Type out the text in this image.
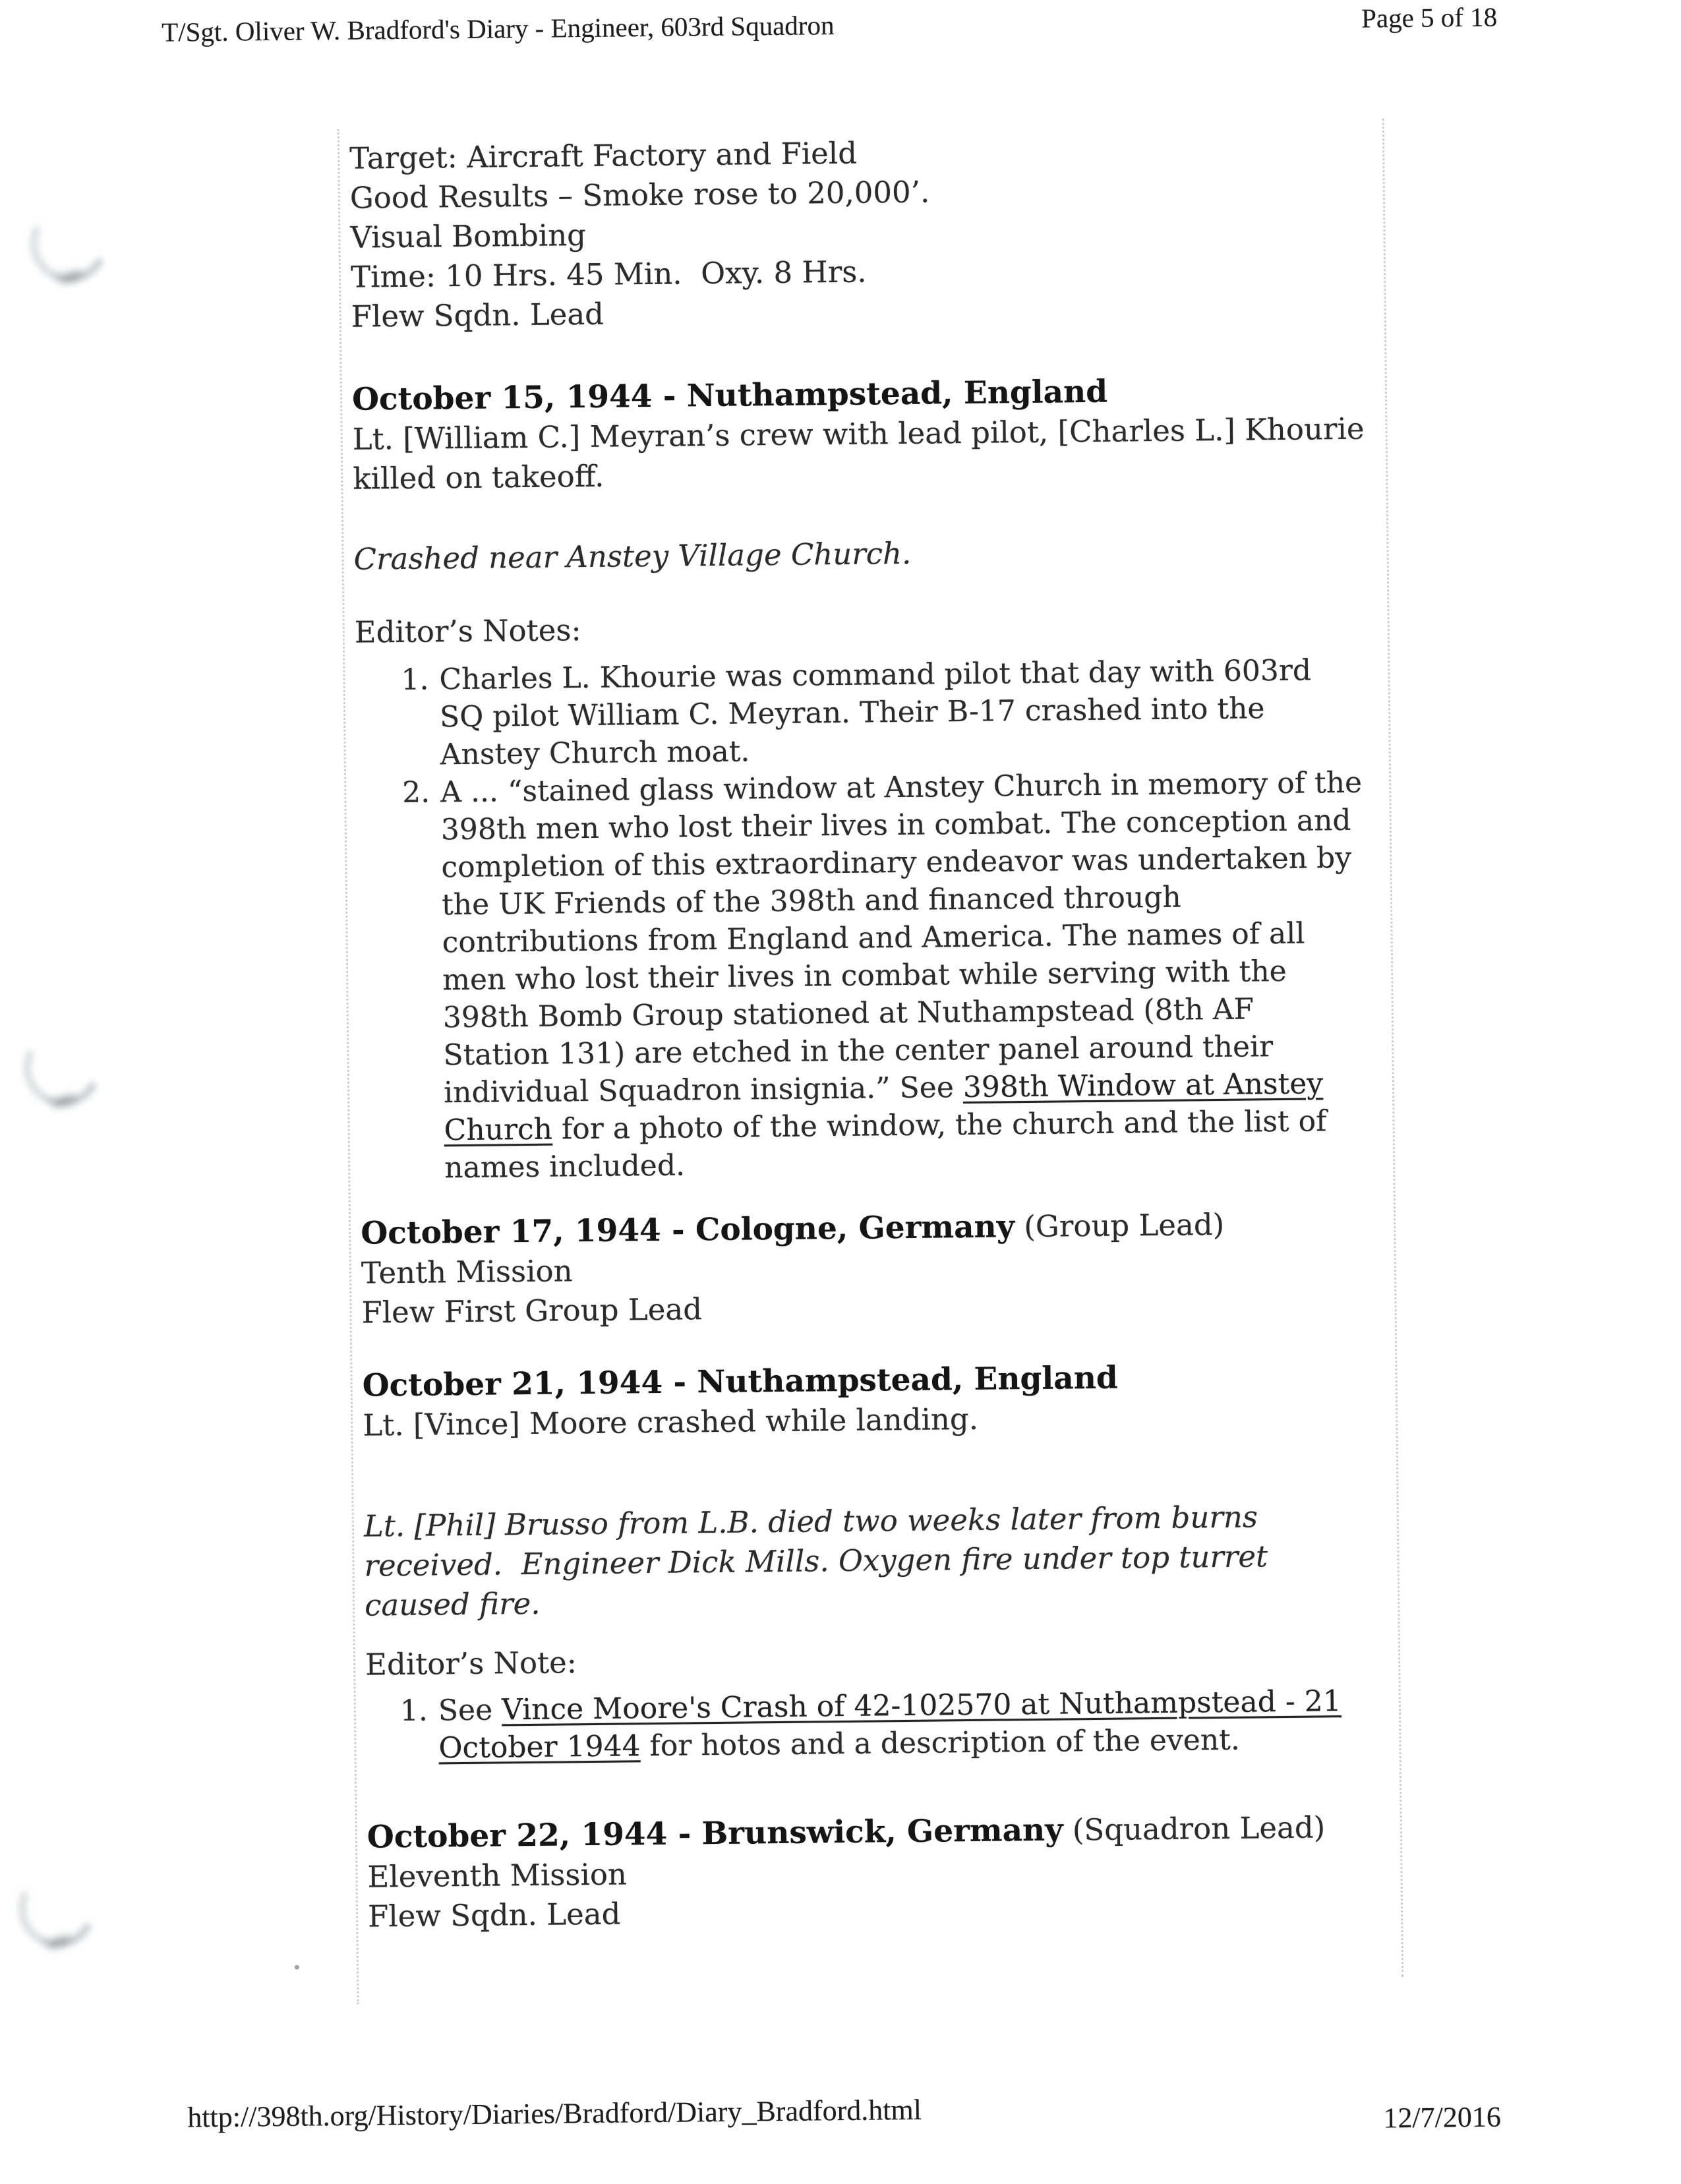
T/Sgt. Oliver W. Bradford's Diary - Engineer, 603rd Squadron	Page 5 of 18
Target: Aircraft Factory and Field
Good Results – Smoke rose to 20,000’.
Visual Bombing
Time: 10 Hrs. 45 Min.  Oxy. 8 Hrs.
Flew Sqdn. Lead
October 15, 1944 - Nuthampstead, England
Lt. [William C.] Meyran’s crew with lead pilot, [Charles L.] Khourie
killed on takeoff.
Crashed near Anstey Village Church.
Editor’s Notes:
1. Charles L. Khourie was command pilot that day with 603rd
SQ pilot William C. Meyran. Their B-17 crashed into the
Anstey Church moat.
2. A ... “stained glass window at Anstey Church in memory of the
398th men who lost their lives in combat. The conception and
completion of this extraordinary endeavor was undertaken by
the UK Friends of the 398th and financed through
contributions from England and America. The names of all
men who lost their lives in combat while serving with the
398th Bomb Group stationed at Nuthampstead (8th AF
Station 131) are etched in the center panel around their
individual Squadron insignia.” See 398th Window at Anstey
Church for a photo of the window, the church and the list of
names included.
October 17, 1944 - Cologne, Germany (Group Lead)
Tenth Mission
Flew First Group Lead
October 21, 1944 - Nuthampstead, England
Lt. [Vince] Moore crashed while landing.
Lt. [Phil] Brusso from L.B. died two weeks later from burns
received.  Engineer Dick Mills. Oxygen fire under top turret
caused fire.
Editor’s Note:
1. See Vince Moore's Crash of 42-102570 at Nuthampstead - 21
October 1944 for hotos and a description of the event.
October 22, 1944 - Brunswick, Germany (Squadron Lead)
Eleventh Mission
Flew Sqdn. Lead
http://398th.org/History/Diaries/Bradford/Diary_Bradford.html	12/7/2016
